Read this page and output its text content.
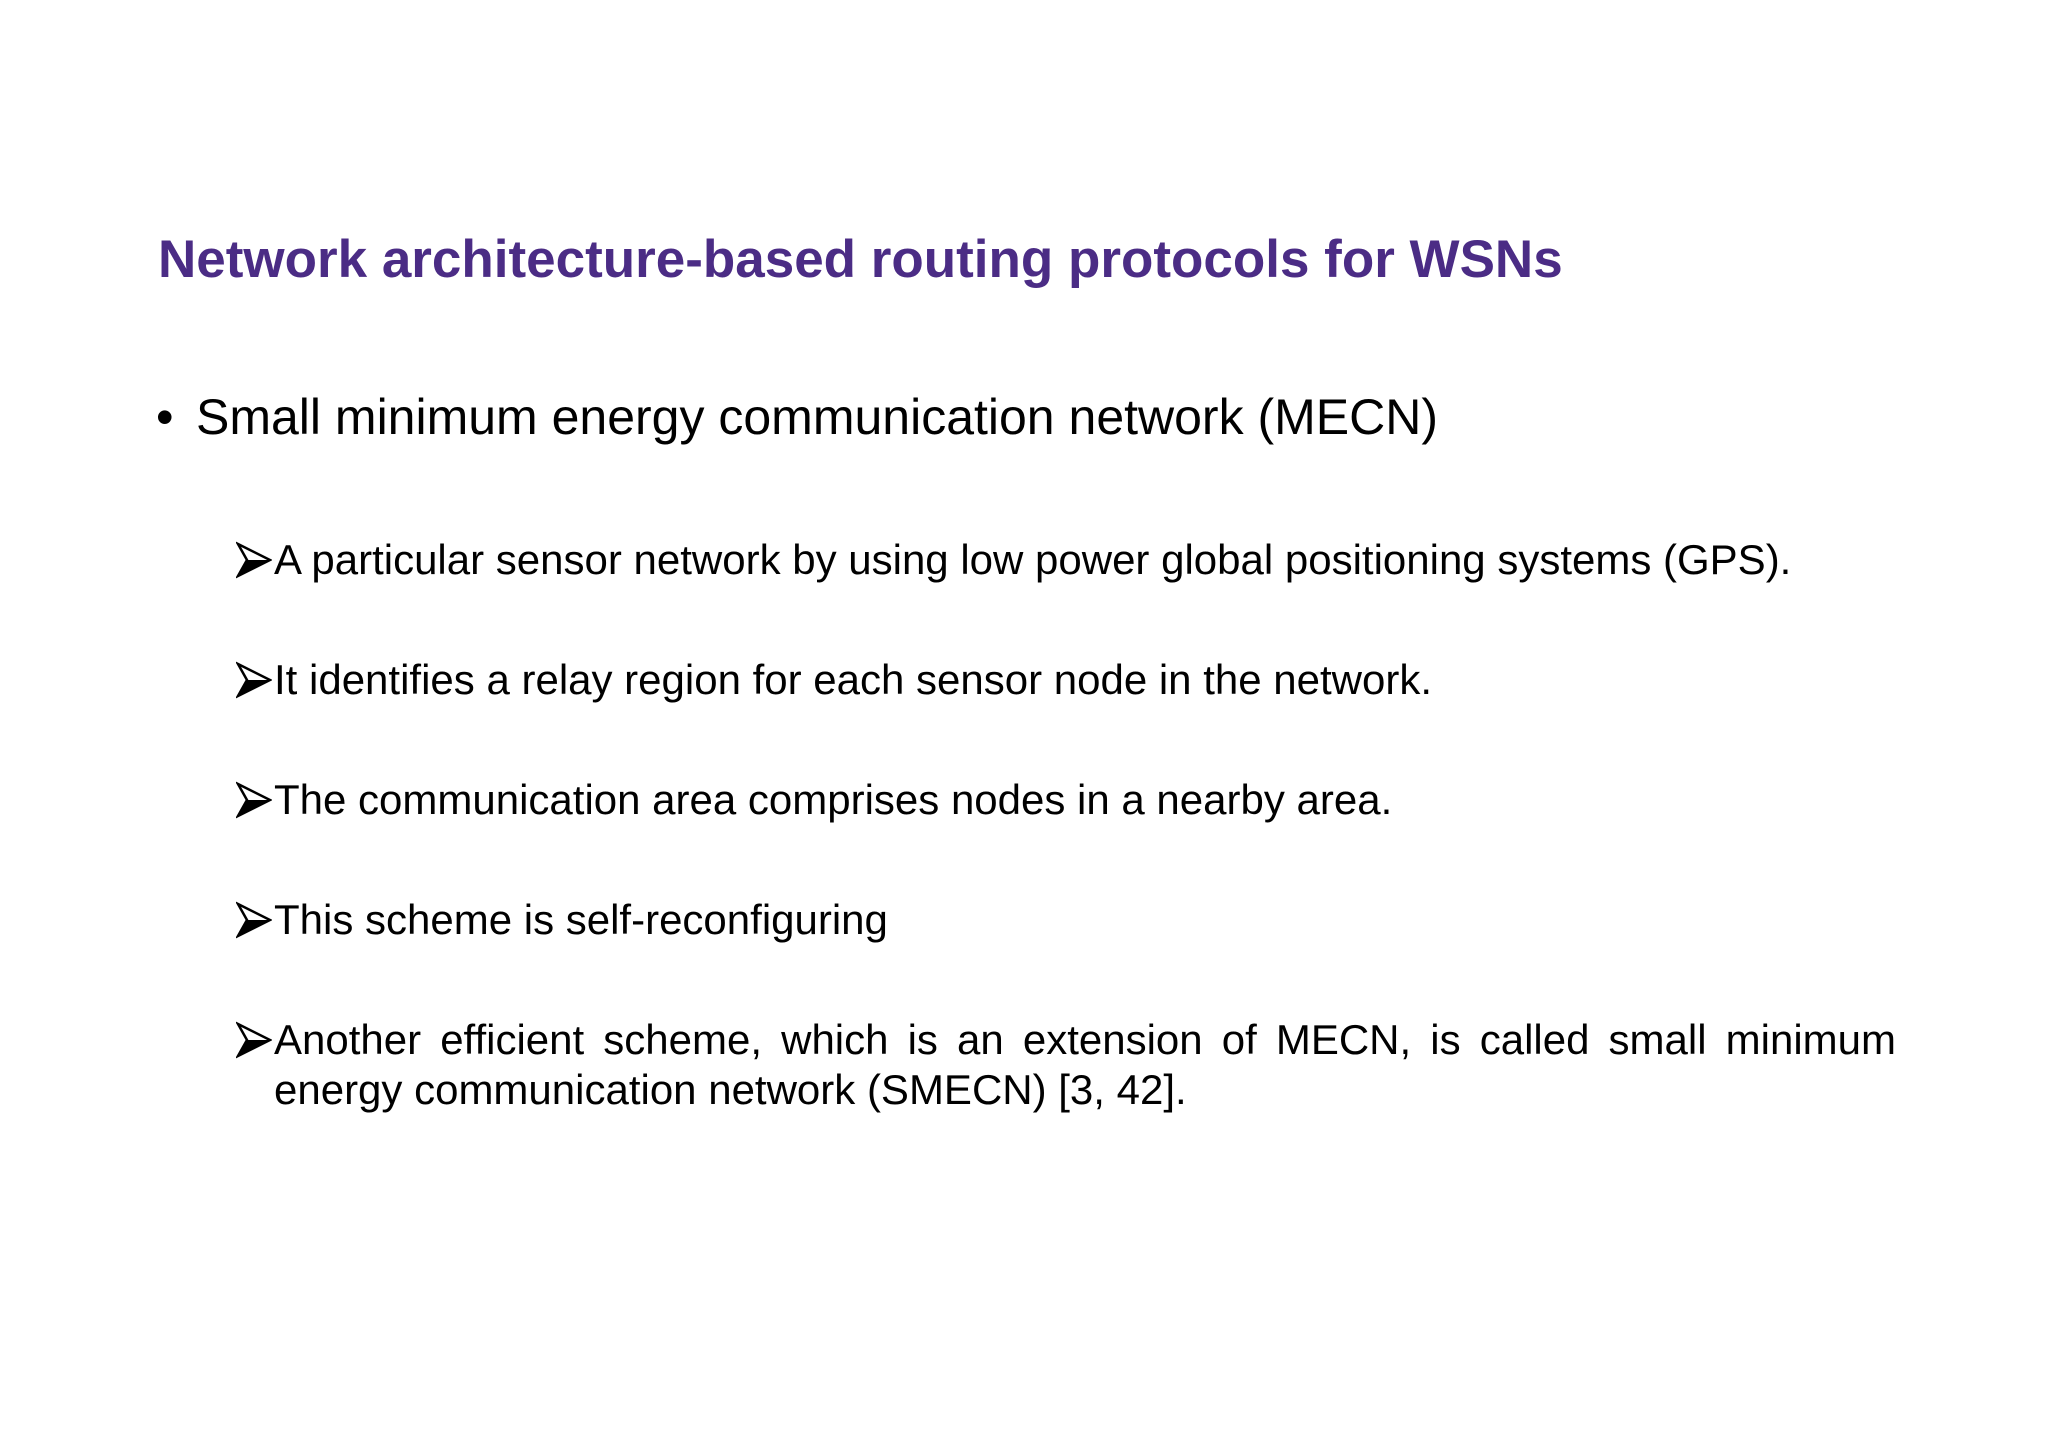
Network architecture-based routing protocols for WSNs
• Small minimum energy communication network (MECN)
A particular sensor network by using low power global positioning systems (GPS).
It identifies a relay region for each sensor node in the network.
The communication area comprises nodes in a nearby area.
This scheme is self-reconfiguring
Another efficient scheme, which is an extension of MECN, is called small minimum energy communication network (SMECN) [3, 42].
